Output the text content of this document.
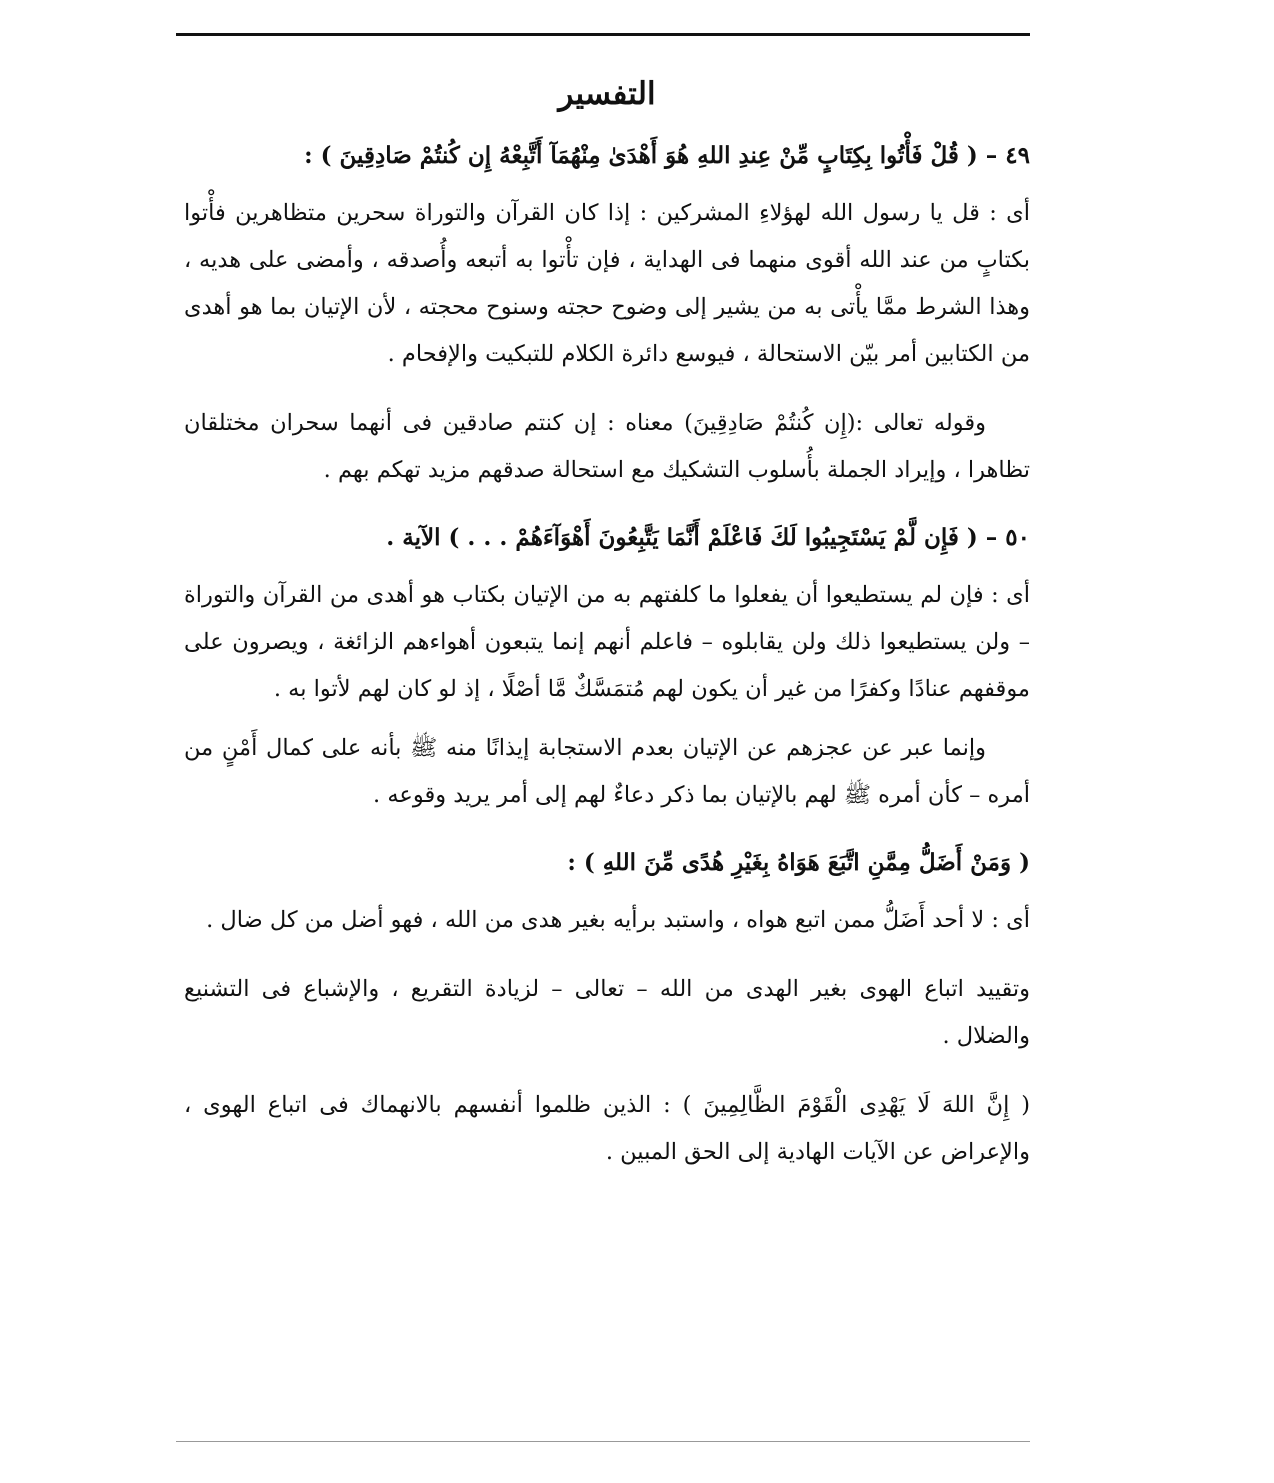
التفسير
٤٩ – ( قُلْ فَأْتُوا بِكِتَابٍ مِّنْ عِندِ اللهِ هُوَ أَهْدَىٰ مِنْهُمَآ أَتَّبِعْهُ إِن كُنتُمْ صَادِقِينَ ) :

أى : قل يا رسول الله لهؤلاءِ المشركين : إذا كان القرآن والتوراة سحرين متظاهرين فأْتوا بكتابٍ من عند الله أقوى منهما فى الهداية ، فإن تأْتوا به أتبعه وأُصدقه ، وأمضى على هديه ، وهذا الشرط ممَّا يأْتى به من يشير إلى وضوح حجته وسنوح محجته ، لأن الإتيان بما هو أهدى من الكتابين أمر بيّن الاستحالة ، فيوسع دائرة الكلام للتبكيت والإفحام .

وقوله تعالى :(إِن كُنتُمْ صَادِقِينَ) معناه : إن كنتم صادقين فى أنهما سحران مختلقان تظاهرا ، وإيراد الجملة بأُسلوب التشكيك مع استحالة صدقهم مزيد تهكم بهم .

٥٠ – ( فَإِن لَّمْ يَسْتَجِيبُوا لَكَ فَاعْلَمْ أَنَّمَا يَتَّبِعُونَ أَهْوَآءَهُمْ . . . ) الآية .

أى : فإن لم يستطيعوا أن يفعلوا ما كلفتهم به من الإتيان بكتاب هو أهدى من القرآن والتوراة – ولن يستطيعوا ذلك ولن يقابلوه – فاعلم أنهم إنما يتبعون أهواءهم الزائغة ، ويصرون على موقفهم عنادًا وكفرًا من غير أن يكون لهم مُتمَسَّكٌ مَّا أصْلًا ، إذ لو كان لهم لأتوا به .

وإنما عبر عن عجزهم عن الإتيان بعدم الاستجابة إيذانًا منه ﷺ بأنه على كمال أَمْنٍ من أمره – كأن أمره ﷺ لهم بالإتيان بما ذكر دعاءٌ لهم إلى أمر يريد وقوعه .

( وَمَنْ أَضَلُّ مِمَّنِ اتَّبَعَ هَوَاهُ بِغَيْرِ هُدًى مِّنَ اللهِ ) :

أى : لا أحد أَضَلُّ ممن اتبع هواه ، واستبد برأيه بغير هدى من الله ، فهو أضل من كل ضال .

وتقييد اتباع الهوى بغير الهدى من الله – تعالى – لزيادة التقريع ، والإشباع فى التشنيع والضلال .

( إِنَّ اللهَ لَا يَهْدِى الْقَوْمَ الظَّالِمِينَ ) : الذين ظلموا أنفسهم بالانهماك فى اتباع الهوى ، والإعراض عن الآيات الهادية إلى الحق المبين .
